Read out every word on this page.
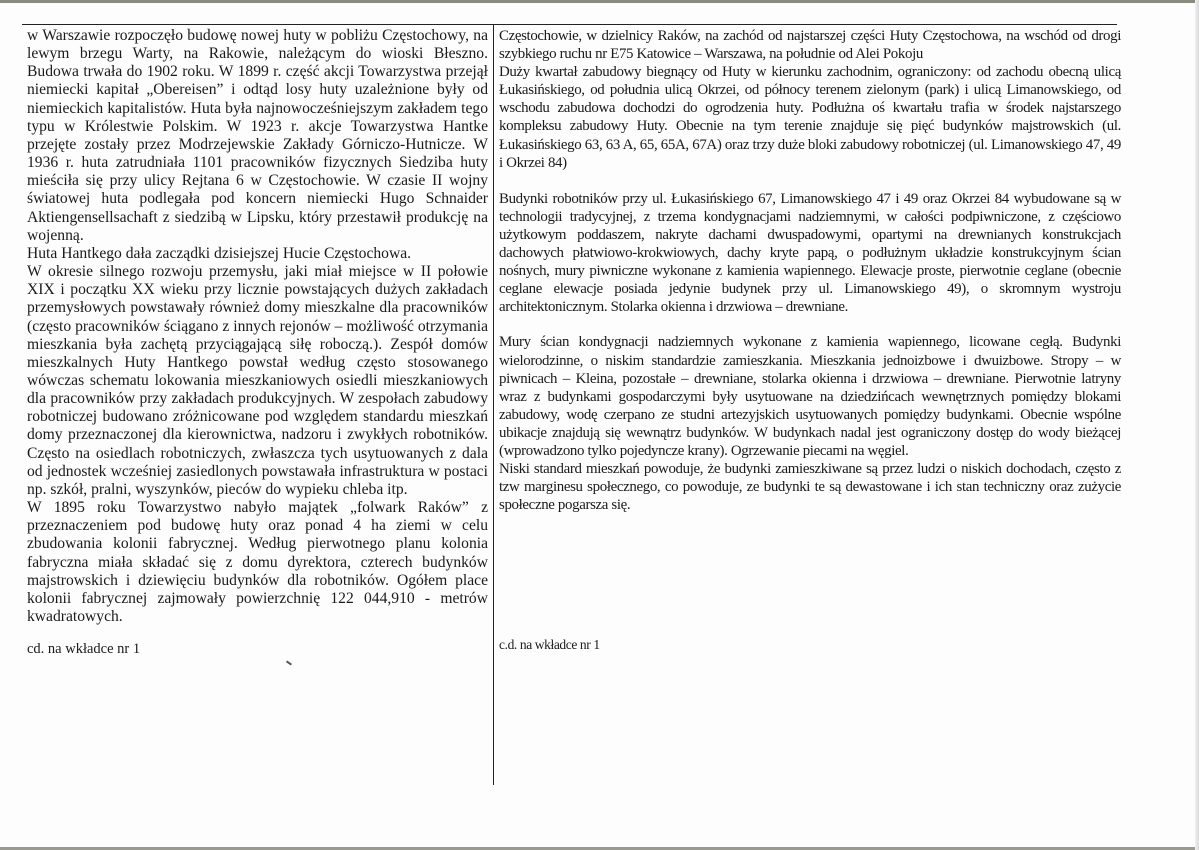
w Warszawie rozpoczęło budowę nowej huty w pobliżu Częstochowy, na lewym brzegu Warty, na Rakowie, należącym do wioski Błeszno. Budowa trwała do 1902 roku. W 1899 r. część akcji Towarzystwa przejął niemiecki kapitał „Obereisen” i odtąd losy huty uzależnione były od niemieckich kapitalistów. Huta była najnowocześniejszym zakładem tego typu w Królestwie Polskim. W 1923 r. akcje Towarzystwa Hantke przejęte zostały przez Modrzejewskie Zakłady Górniczo-Hutnicze. W 1936 r. huta zatrudniała 1101 pracowników fizycznych Siedziba huty mieściła się przy ulicy Rejtana 6 w Częstochowie. W czasie II wojny światowej huta podlegała pod koncern niemiecki Hugo Schnaider Aktiengensellsachaft z siedzibą w Lipsku, który przestawił produkcję na wojenną.

Huta Hantkego dała zacządki dzisiejszej Hucie Częstochowa.

W okresie silnego rozwoju przemysłu, jaki miał miejsce w II połowie XIX i początku XX wieku przy licznie powstających dużych zakładach przemysłowych powstawały również domy mieszkalne dla pracowników (często pracowników ściągano z innych rejonów – możliwość otrzymania mieszkania była zachętą przyciągającą siłę roboczą.). Zespół domów mieszkalnych Huty Hantkego powstał według często stosowanego wówczas schematu lokowania mieszkaniowych osiedli mieszkaniowych dla pracowników przy zakładach produkcyjnych. W zespołach zabudowy robotniczej budowano zróżnicowane pod względem standardu mieszkań domy przeznaczonej dla kierownictwa, nadzoru i zwykłych robotników. Często na osiedlach robotniczych, zwłaszcza tych usytuowanych z dala od jednostek wcześniej zasiedlonych powstawała infrastruktura w postaci np. szkół, pralni, wyszynków, pieców do wypieku chleba itp.

W 1895 roku Towarzystwo nabyło majątek „folwark Raków” z przeznaczeniem pod budowę huty oraz ponad 4 ha ziemi w celu zbudowania kolonii fabrycznej. Według pierwotnego planu kolonia fabryczna miała składać się z domu dyrektora, czterech budynków majstrowskich i dziewięciu budynków dla robotników. Ogółem place kolonii fabrycznej zajmowały powierzchnię 122 044,910 - metrów kwadratowych.

cd. na wkładce nr 1

Częstochowie, w dzielnicy Raków, na zachód od najstarszej części Huty Częstochowa, na wschód od drogi szybkiego ruchu nr E75 Katowice – Warszawa, na południe od Alei Pokoju

Duży kwartał zabudowy biegnący od Huty w kierunku zachodnim, ograniczony: od zachodu obecną ulicą Łukasińskiego, od południa ulicą Okrzei, od północy terenem zielonym (park) i ulicą Limanowskiego, od wschodu zabudowa dochodzi do ogrodzenia huty. Podłużna oś kwartału trafia w środek najstarszego kompleksu zabudowy Huty. Obecnie na tym terenie znajduje się pięć budynków majstrowskich (ul. Łukasińskiego 63, 63 A, 65, 65A, 67A) oraz trzy duże bloki zabudowy robotniczej (ul. Limanowskiego 47, 49 i Okrzei 84)

Budynki robotników przy ul. Łukasińskiego 67, Limanowskiego 47 i 49 oraz Okrzei 84 wybudowane są w technologii tradycyjnej, z trzema kondygnacjami nadziemnymi, w całości podpiwniczone, z częściowo użytkowym poddaszem, nakryte dachami dwuspadowymi, opartymi na drewnianych konstrukcjach dachowych płatwiowo-krokwiowych, dachy kryte papą, o podłużnym układzie konstrukcyjnym ścian nośnych, mury piwniczne wykonane z kamienia wapiennego. Elewacje proste, pierwotnie ceglane (obecnie ceglane elewacje posiada jedynie budynek przy ul. Limanowskiego 49), o skromnym wystroju architektonicznym. Stolarka okienna i drzwiowa – drewniane.

Mury ścian kondygnacji nadziemnych wykonane z kamienia wapiennego, licowane cegłą. Budynki wielorodzinne, o niskim standardzie zamieszkania. Mieszkania jednoizbowe i dwuizbowe. Stropy – w piwnicach – Kleina, pozostałe – drewniane, stolarka okienna i drzwiowa – drewniane. Pierwotnie latryny wraz z budynkami gospodarczymi były usytuowane na dziedzińcach wewnętrznych pomiędzy blokami zabudowy, wodę czerpano ze studni artezyjskich usytuowanych pomiędzy budynkami. Obecnie wspólne ubikacje znajdują się wewnątrz budynków. W budynkach nadal jest ograniczony dostęp do wody bieżącej (wprowadzono tylko pojedyncze krany). Ogrzewanie piecami na węgiel.

Niski standard mieszkań powoduje, że budynki zamieszkiwane są przez ludzi o niskich dochodach, często z tzw marginesu społecznego, co powoduje, ze budynki te są dewastowane i ich stan techniczny oraz zużycie społeczne pogarsza się.

c.d. na wkładce nr 1
